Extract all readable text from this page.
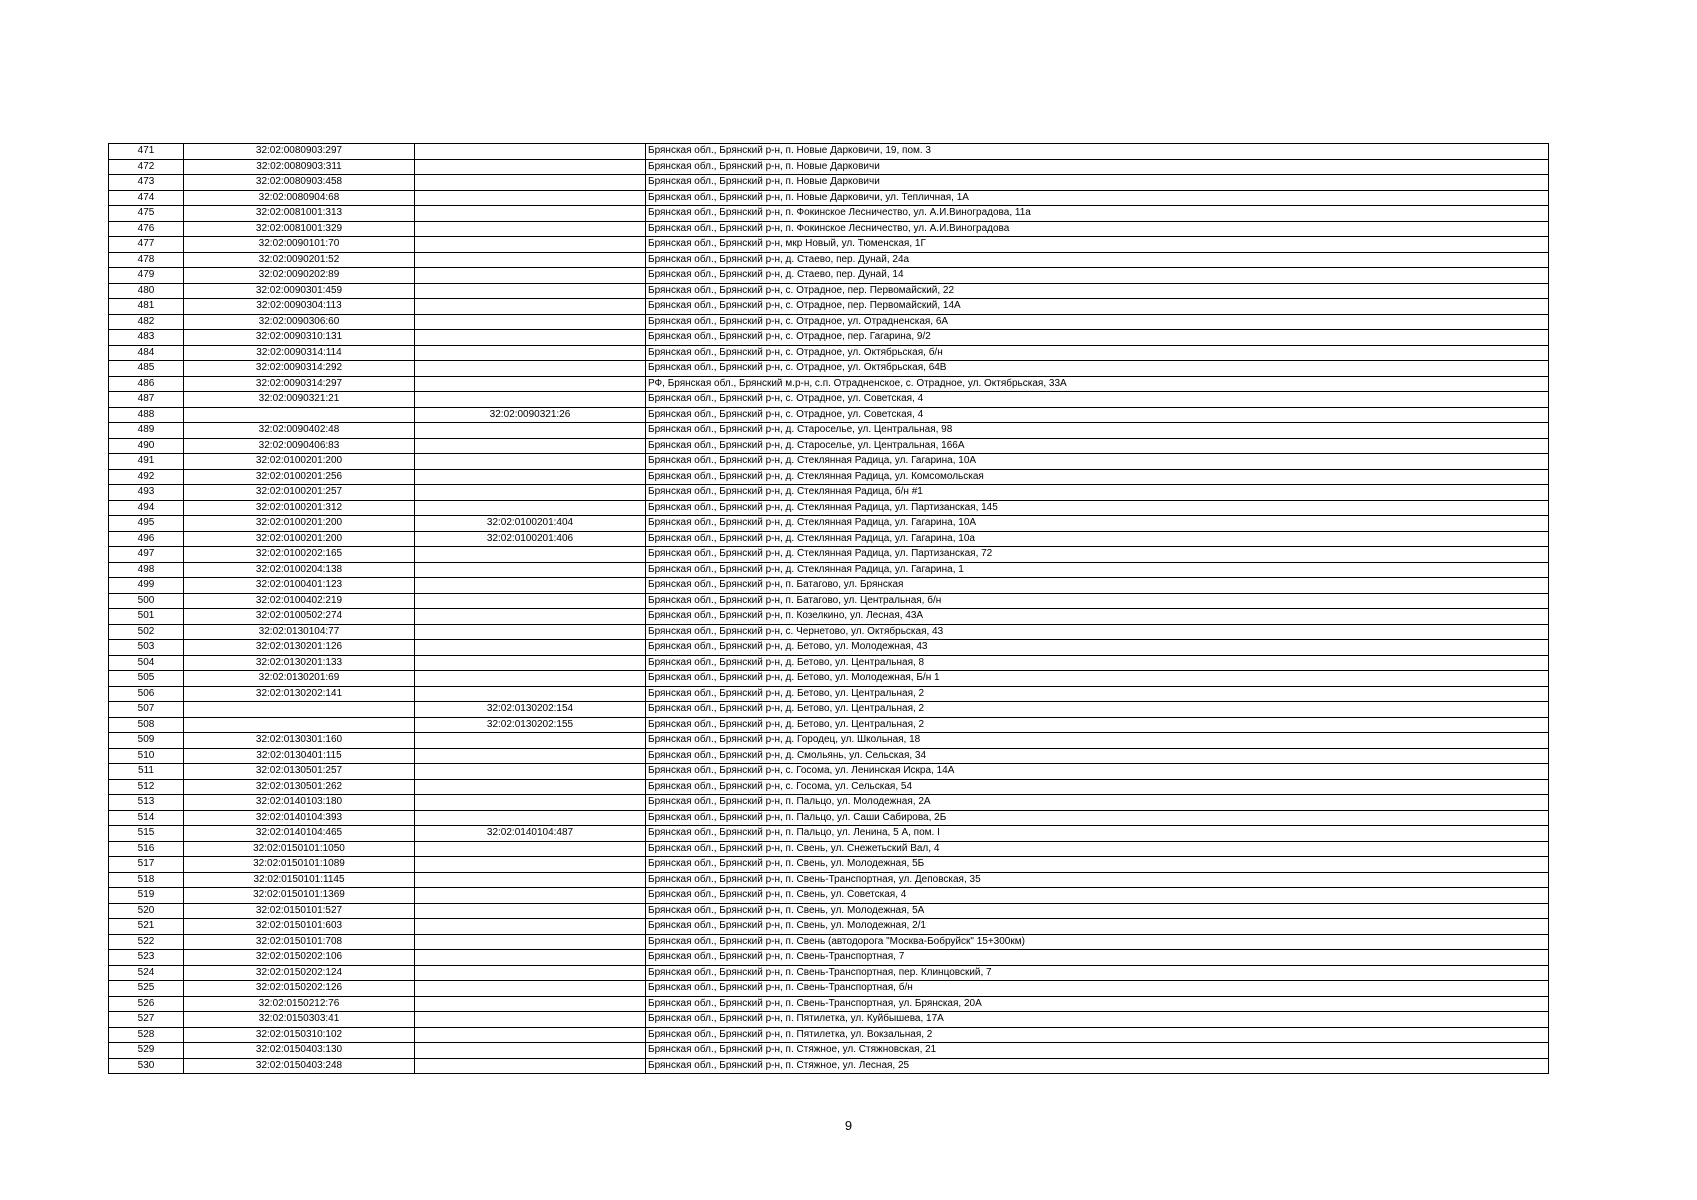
471	32:02:0080903:297		Брянская обл., Брянский р-н, п. Новые Дарковичи, 19, пом. 3
472	32:02:0080903:311		Брянская обл., Брянский р-н, п. Новые Дарковичи
473	32:02:0080903:458		Брянская обл., Брянский р-н, п. Новые Дарковичи
474	32:02:0080904:68		Брянская обл., Брянский р-н, п. Новые Дарковичи, ул. Тепличная, 1А
475	32:02:0081001:313		Брянская обл., Брянский р-н, п. Фокинское Лесничество, ул. А.И.Виноградова, 11а
476	32:02:0081001:329		Брянская обл., Брянский р-н, п. Фокинское Лесничество, ул. А.И.Виноградова
477	32:02:0090101:70		Брянская обл., Брянский р-н, мкр Новый, ул. Тюменская, 1Г
478	32:02:0090201:52		Брянская обл., Брянский р-н, д. Стаево, пер. Дунай, 24а
479	32:02:0090202:89		Брянская обл., Брянский р-н, д. Стаево, пер. Дунай, 14
480	32:02:0090301:459		Брянская обл., Брянский р-н, с. Отрадное, пер. Первомайский, 22
481	32:02:0090304:113		Брянская обл., Брянский р-н, с. Отрадное, пер. Первомайский, 14А
482	32:02:0090306:60		Брянская обл., Брянский р-н, с. Отрадное, ул. Отрадненская, 6А
483	32:02:0090310:131		Брянская обл., Брянский р-н, с. Отрадное, пер. Гагарина, 9/2
484	32:02:0090314:114		Брянская обл., Брянский р-н, с. Отрадное, ул. Октябрьская, б/н
485	32:02:0090314:292		Брянская обл., Брянский р-н, с. Отрадное, ул. Октябрьская, 64В
486	32:02:0090314:297		РФ, Брянская обл., Брянский м.р-н, с.п. Отрадненское, с. Отрадное, ул. Октябрьская, 33А
487	32:02:0090321:21		Брянская обл., Брянский р-н, с. Отрадное, ул. Советская, 4
488		32:02:0090321:26	Брянская обл., Брянский р-н, с. Отрадное, ул. Советская, 4
489	32:02:0090402:48		Брянская обл., Брянский р-н, д. Староселье, ул. Центральная, 98
490	32:02:0090406:83		Брянская обл., Брянский р-н, д. Староселье, ул. Центральная, 166А
491	32:02:0100201:200		Брянская обл., Брянский р-н, д. Стеклянная Радица, ул. Гагарина, 10А
492	32:02:0100201:256		Брянская обл., Брянский р-н, д. Стеклянная Радица, ул. Комсомольская
493	32:02:0100201:257		Брянская обл., Брянский р-н, д. Стеклянная Радица, б/н #1
494	32:02:0100201:312		Брянская обл., Брянский р-н, д. Стеклянная Радица, ул. Партизанская, 145
495	32:02:0100201:200	32:02:0100201:404	Брянская обл., Брянский р-н, д. Стеклянная Радица, ул. Гагарина, 10А
496	32:02:0100201:200	32:02:0100201:406	Брянская обл., Брянский р-н, д. Стеклянная Радица, ул. Гагарина, 10а
497	32:02:0100202:165		Брянская обл., Брянский р-н, д. Стеклянная Радица, ул. Партизанская, 72
498	32:02:0100204:138		Брянская обл., Брянский р-н, д. Стеклянная Радица, ул. Гагарина, 1
499	32:02:0100401:123		Брянская обл., Брянский р-н, п. Батагово, ул. Брянская
500	32:02:0100402:219		Брянская обл., Брянский р-н, п. Батагово, ул. Центральная, б/н
501	32:02:0100502:274		Брянская обл., Брянский р-н, п. Козелкино, ул. Лесная, 43А
502	32:02:0130104:77		Брянская обл., Брянский р-н, с. Чернетово, ул. Октябрьская, 43
503	32:02:0130201:126		Брянская обл., Брянский р-н, д. Бетово, ул. Молодежная, 43
504	32:02:0130201:133		Брянская обл., Брянский р-н, д. Бетово, ул. Центральная, 8
505	32:02:0130201:69		Брянская обл., Брянский р-н, д. Бетово, ул. Молодежная, Б/н 1
506	32:02:0130202:141		Брянская обл., Брянский р-н, д. Бетово, ул. Центральная, 2
507		32:02:0130202:154	Брянская обл., Брянский р-н, д. Бетово, ул. Центральная, 2
508		32:02:0130202:155	Брянская обл., Брянский р-н, д. Бетово, ул. Центральная, 2
509	32:02:0130301:160		Брянская обл., Брянский р-н, д. Городец, ул. Школьная, 18
510	32:02:0130401:115		Брянская обл., Брянский р-н, д. Смольянь, ул. Сельская, 34
511	32:02:0130501:257		Брянская обл., Брянский р-н, с. Госома, ул. Ленинская Искра, 14А
512	32:02:0130501:262		Брянская обл., Брянский р-н, с. Госома, ул. Сельская, 54
513	32:02:0140103:180		Брянская обл., Брянский р-н, п. Пальцо, ул. Молодежная, 2А
514	32:02:0140104:393		Брянская обл., Брянский р-н, п. Пальцо, ул. Саши Сабирова, 2Б
515	32:02:0140104:465	32:02:0140104:487	Брянская обл., Брянский р-н, п. Пальцо, ул. Ленина, 5 А, пом. I
516	32:02:0150101:1050		Брянская обл., Брянский р-н, п. Свень, ул. Снежетьский Вал, 4
517	32:02:0150101:1089		Брянская обл., Брянский р-н, п. Свень, ул. Молодежная, 5Б
518	32:02:0150101:1145		Брянская обл., Брянский р-н, п. Свень-Транспортная, ул. Деповская, 35
519	32:02:0150101:1369		Брянская обл., Брянский р-н, п. Свень, ул. Советская, 4
520	32:02:0150101:527		Брянская обл., Брянский р-н, п. Свень, ул. Молодежная, 5А
521	32:02:0150101:603		Брянская обл., Брянский р-н, п. Свень, ул. Молодежная, 2/1
522	32:02:0150101:708		Брянская обл., Брянский р-н, п. Свень (автодорога "Москва-Бобруйск" 15+300км)
523	32:02:0150202:106		Брянская обл., Брянский р-н, п. Свень-Транспортная, 7
524	32:02:0150202:124		Брянская обл., Брянский р-н, п. Свень-Транспортная, пер. Клинцовский, 7
525	32:02:0150202:126		Брянская обл., Брянский р-н, п. Свень-Транспортная, б/н
526	32:02:0150212:76		Брянская обл., Брянский р-н, п. Свень-Транспортная, ул. Брянская, 20А
527	32:02:0150303:41		Брянская обл., Брянский р-н, п. Пятилетка, ул. Куйбышева, 17А
528	32:02:0150310:102		Брянская обл., Брянский р-н, п. Пятилетка, ул. Вокзальная, 2
529	32:02:0150403:130		Брянская обл., Брянский р-н, п. Стяжное, ул. Стяжновская, 21
530	32:02:0150403:248		Брянская обл., Брянский р-н, п. Стяжное, ул. Лесная, 25
9
